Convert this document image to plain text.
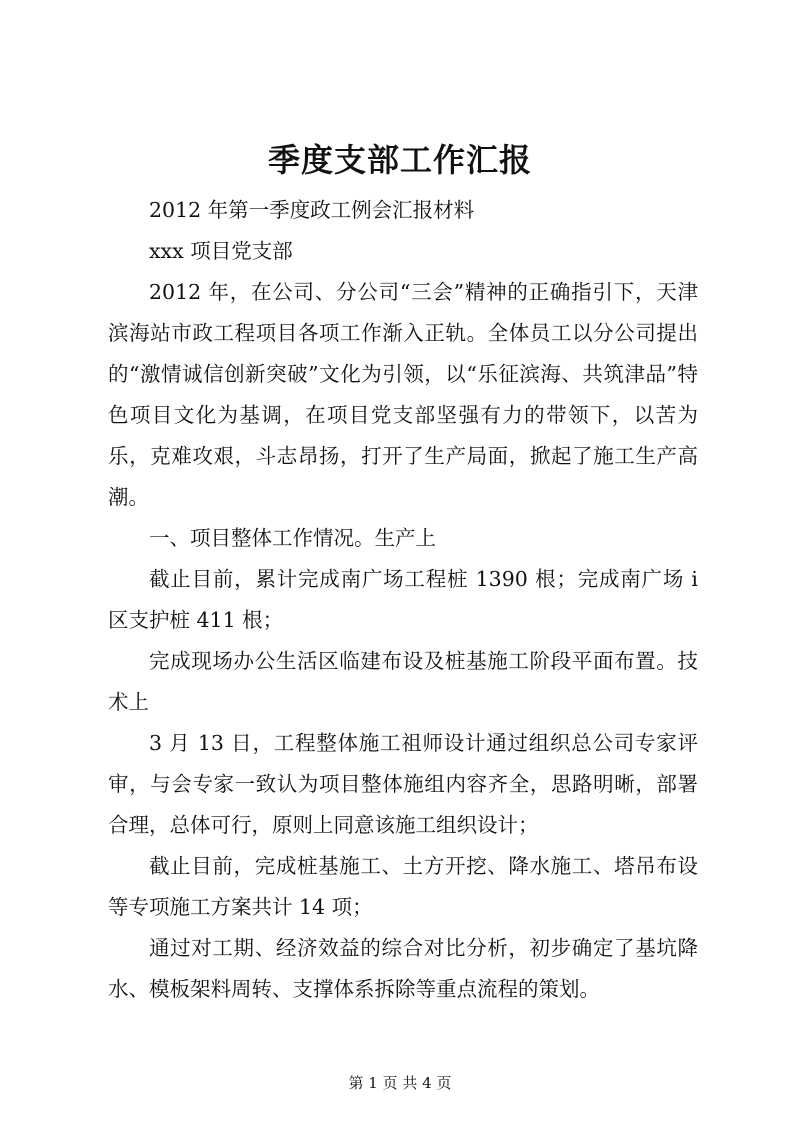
季度支部工作汇报

2012 年第一季度政工例会汇报材料

xxx 项目党支部

2012 年，在公司、分公司“三会”精神的正确指引下，天津滨海站市政工程项目各项工作渐入正轨。全体员工以分公司提出的“激情诚信创新突破”文化为引领，以“乐征滨海、共筑津品”特色项目文化为基调，在项目党支部坚强有力的带领下，以苦为乐，克难攻艰，斗志昂扬，打开了生产局面，掀起了施工生产高潮。

一、项目整体工作情况。生产上

截止目前，累计完成南广场工程桩 1390 根；完成南广场 i 区支护桩 411 根；

完成现场办公生活区临建布设及桩基施工阶段平面布置。技术上

3 月 13 日，工程整体施工祖师设计通过组织总公司专家评审，与会专家一致认为项目整体施组内容齐全，思路明晰，部署合理，总体可行，原则上同意该施工组织设计；

截止目前，完成桩基施工、土方开挖、降水施工、塔吊布设等专项施工方案共计 14 项；

通过对工期、经济效益的综合对比分析，初步确定了基坑降水、模板架料周转、支撑体系拆除等重点流程的策划。

第 1 页 共 4 页
